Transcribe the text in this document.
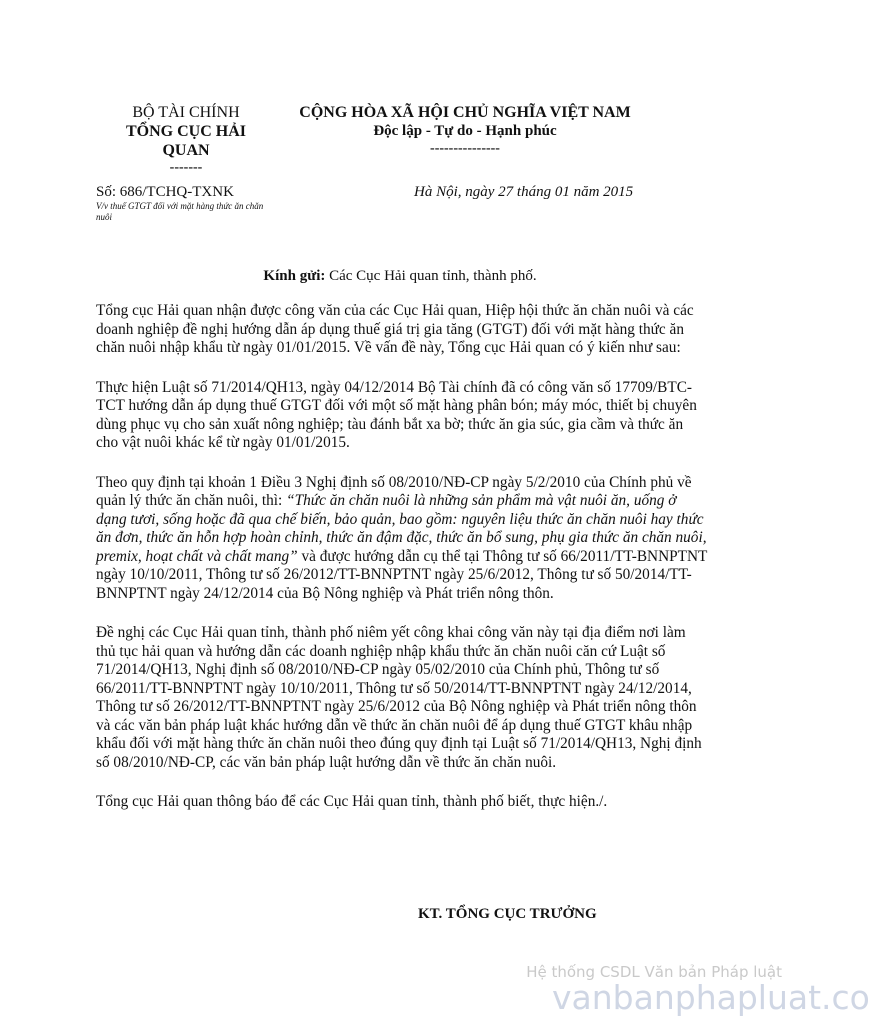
BỘ TÀI CHÍNH
TỔNG CỤC HẢI
QUAN
-------
CỘNG HÒA XÃ HỘI CHỦ NGHĨA VIỆT NAM
Độc lập - Tự do - Hạnh phúc
---------------
Số: 686/TCHQ-TXNK
V/v thuế GTGT đối với mặt hàng thức ăn chăn nuôi
Hà Nội, ngày 27 tháng 01 năm 2015
Kính gửi: Các Cục Hải quan tỉnh, thành phố.

Tổng cục Hải quan nhận được công văn của các Cục Hải quan, Hiệp hội thức ăn chăn nuôi và các doanh nghiệp đề nghị hướng dẫn áp dụng thuế giá trị gia tăng (GTGT) đối với mặt hàng thức ăn chăn nuôi nhập khẩu từ ngày 01/01/2015. Về vấn đề này, Tổng cục Hải quan có ý kiến như sau:

Thực hiện Luật số 71/2014/QH13, ngày 04/12/2014 Bộ Tài chính đã có công văn số 17709/BTC-TCT hướng dẫn áp dụng thuế GTGT đối với một số mặt hàng phân bón; máy móc, thiết bị chuyên dùng phục vụ cho sản xuất nông nghiệp; tàu đánh bắt xa bờ; thức ăn gia súc, gia cầm và thức ăn cho vật nuôi khác kể từ ngày 01/01/2015.

Theo quy định tại khoản 1 Điều 3 Nghị định số 08/2010/NĐ-CP ngày 5/2/2010 của Chính phủ về quản lý thức ăn chăn nuôi, thì: “Thức ăn chăn nuôi là những sản phẩm mà vật nuôi ăn, uống ở dạng tươi, sống hoặc đã qua chế biến, bảo quản, bao gồm: nguyên liệu thức ăn chăn nuôi hay thức ăn đơn, thức ăn hỗn hợp hoàn chỉnh, thức ăn đậm đặc, thức ăn bổ sung, phụ gia thức ăn chăn nuôi, premix, hoạt chất và chất mang” và được hướng dẫn cụ thể tại Thông tư số 66/2011/TT-BNNPTNT ngày 10/10/2011, Thông tư số 26/2012/TT-BNNPTNT ngày 25/6/2012, Thông tư số 50/2014/TT-BNNPTNT ngày 24/12/2014 của Bộ Nông nghiệp và Phát triển nông thôn.

Đề nghị các Cục Hải quan tỉnh, thành phố niêm yết công khai công văn này tại địa điểm nơi làm thủ tục hải quan và hướng dẫn các doanh nghiệp nhập khẩu thức ăn chăn nuôi căn cứ Luật số 71/2014/QH13, Nghị định số 08/2010/NĐ-CP ngày 05/02/2010 của Chính phủ, Thông tư số 66/2011/TT-BNNPTNT ngày 10/10/2011, Thông tư số 50/2014/TT-BNNPTNT ngày 24/12/2014, Thông tư số 26/2012/TT-BNNPTNT ngày 25/6/2012 của Bộ Nông nghiệp và Phát triển nông thôn và các văn bản pháp luật khác hướng dẫn về thức ăn chăn nuôi để áp dụng thuế GTGT khâu nhập khẩu đối với mặt hàng thức ăn chăn nuôi theo đúng quy định tại Luật số 71/2014/QH13, Nghị định số 08/2010/NĐ-CP, các văn bản pháp luật hướng dẫn về thức ăn chăn nuôi.

Tổng cục Hải quan thông báo để các Cục Hải quan tỉnh, thành phố biết, thực hiện./.

KT. TỔNG CỤC TRƯỞNG
Hệ thống CSDL Văn bản Pháp luật
vanbanphapluat.co
